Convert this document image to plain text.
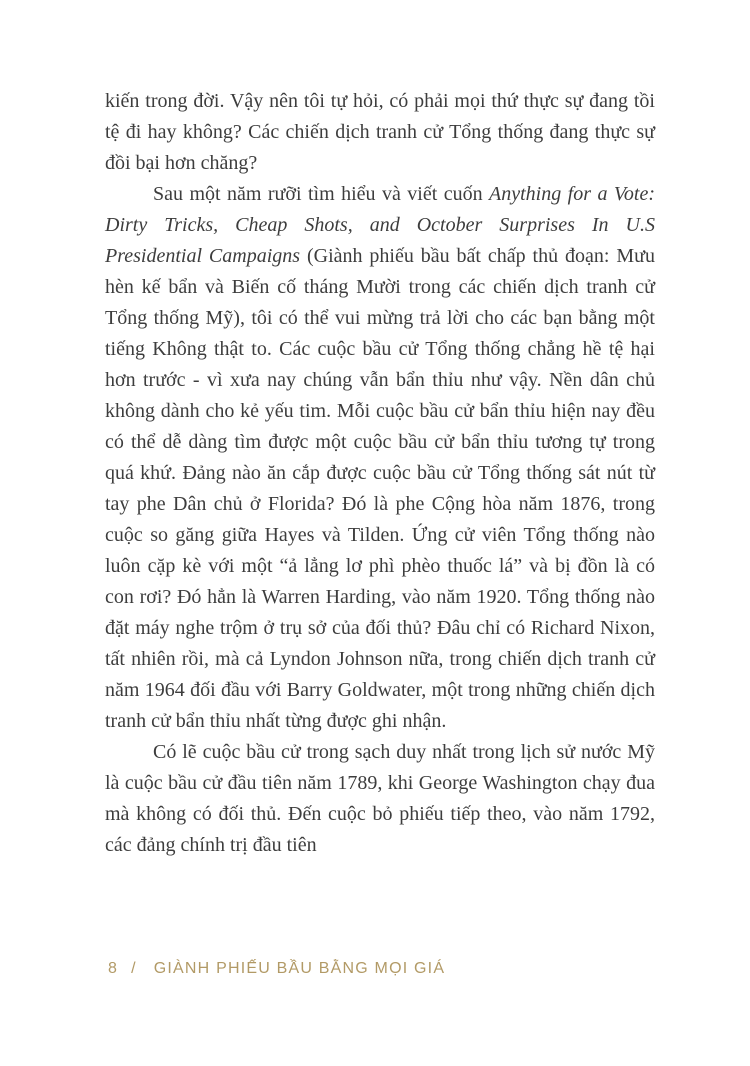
kiến trong đời. Vậy nên tôi tự hỏi, có phải mọi thứ thực sự đang tồi tệ đi hay không? Các chiến dịch tranh cử Tổng thống đang thực sự đồi bại hơn chăng?

Sau một năm rưỡi tìm hiểu và viết cuốn Anything for a Vote: Dirty Tricks, Cheap Shots, and October Surprises In U.S Presidential Campaigns (Giành phiếu bầu bất chấp thủ đoạn: Mưu hèn kế bẩn và Biến cố tháng Mười trong các chiến dịch tranh cử Tổng thống Mỹ), tôi có thể vui mừng trả lời cho các bạn bằng một tiếng Không thật to. Các cuộc bầu cử Tổng thống chẳng hề tệ hại hơn trước - vì xưa nay chúng vẫn bẩn thỉu như vậy. Nền dân chủ không dành cho kẻ yếu tim. Mỗi cuộc bầu cử bẩn thỉu hiện nay đều có thể dễ dàng tìm được một cuộc bầu cử bẩn thỉu tương tự trong quá khứ. Đảng nào ăn cắp được cuộc bầu cử Tổng thống sát nút từ tay phe Dân chủ ở Florida? Đó là phe Cộng hòa năm 1876, trong cuộc so găng giữa Hayes và Tilden. Ứng cử viên Tổng thống nào luôn cặp kè với một “ả lẳng lơ phì phèo thuốc lá” và bị đồn là có con rơi? Đó hẳn là Warren Harding, vào năm 1920. Tổng thống nào đặt máy nghe trộm ở trụ sở của đối thủ? Đâu chỉ có Richard Nixon, tất nhiên rồi, mà cả Lyndon Johnson nữa, trong chiến dịch tranh cử năm 1964 đối đầu với Barry Goldwater, một trong những chiến dịch tranh cử bẩn thỉu nhất từng được ghi nhận.

Có lẽ cuộc bầu cử trong sạch duy nhất trong lịch sử nước Mỹ là cuộc bầu cử đầu tiên năm 1789, khi George Washington chạy đua mà không có đối thủ. Đến cuộc bỏ phiếu tiếp theo, vào năm 1792, các đảng chính trị đầu tiên

8 / GIÀNH PHIẾU BẦU BẰNG MỌI GIÁ
